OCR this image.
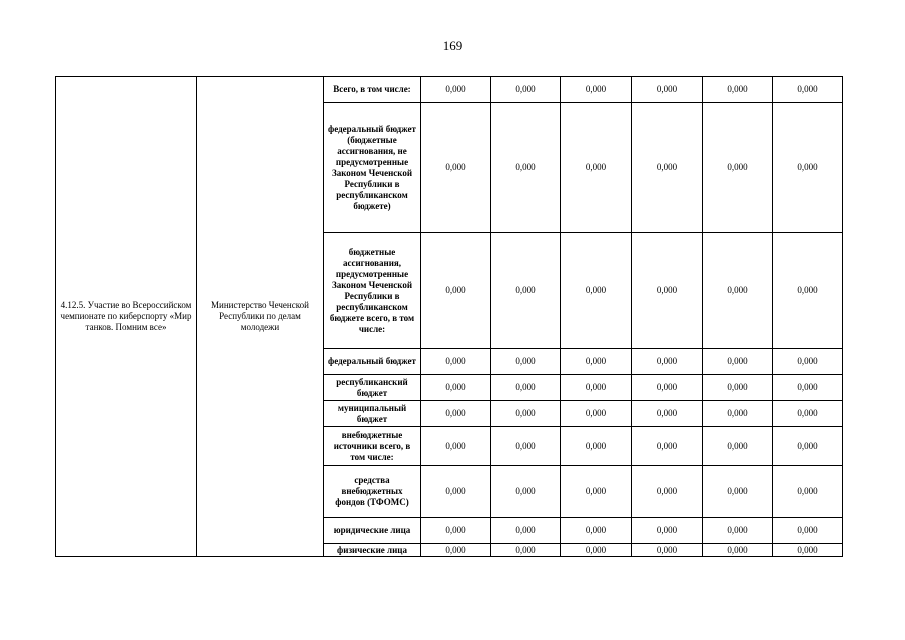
169
4.12.5. Участие во Всероссийском чемпионате по киберспорту «Мир танков. Помним все»	Министерство Чеченской Республики по делам молодежи	Всего, в том числе:	0,000	0,000	0,000	0,000	0,000	0,000
		федеральный бюджет (бюджетные ассигнования, не предусмотренные Законом Чеченской Республики в республиканском бюджете)	0,000	0,000	0,000	0,000	0,000	0,000
		бюджетные ассигнования, предусмотренные Законом Чеченской Республики в республиканском бюджете всего, в том числе:	0,000	0,000	0,000	0,000	0,000	0,000
		федеральный бюджет	0,000	0,000	0,000	0,000	0,000	0,000
		республиканский бюджет	0,000	0,000	0,000	0,000	0,000	0,000
		муниципальный бюджет	0,000	0,000	0,000	0,000	0,000	0,000
		внебюджетные источники всего, в том числе:	0,000	0,000	0,000	0,000	0,000	0,000
		средства внебюджетных фондов (ТФОМС)	0,000	0,000	0,000	0,000	0,000	0,000
		юридические лица	0,000	0,000	0,000	0,000	0,000	0,000
		физические лица	0,000	0,000	0,000	0,000	0,000	0,000
